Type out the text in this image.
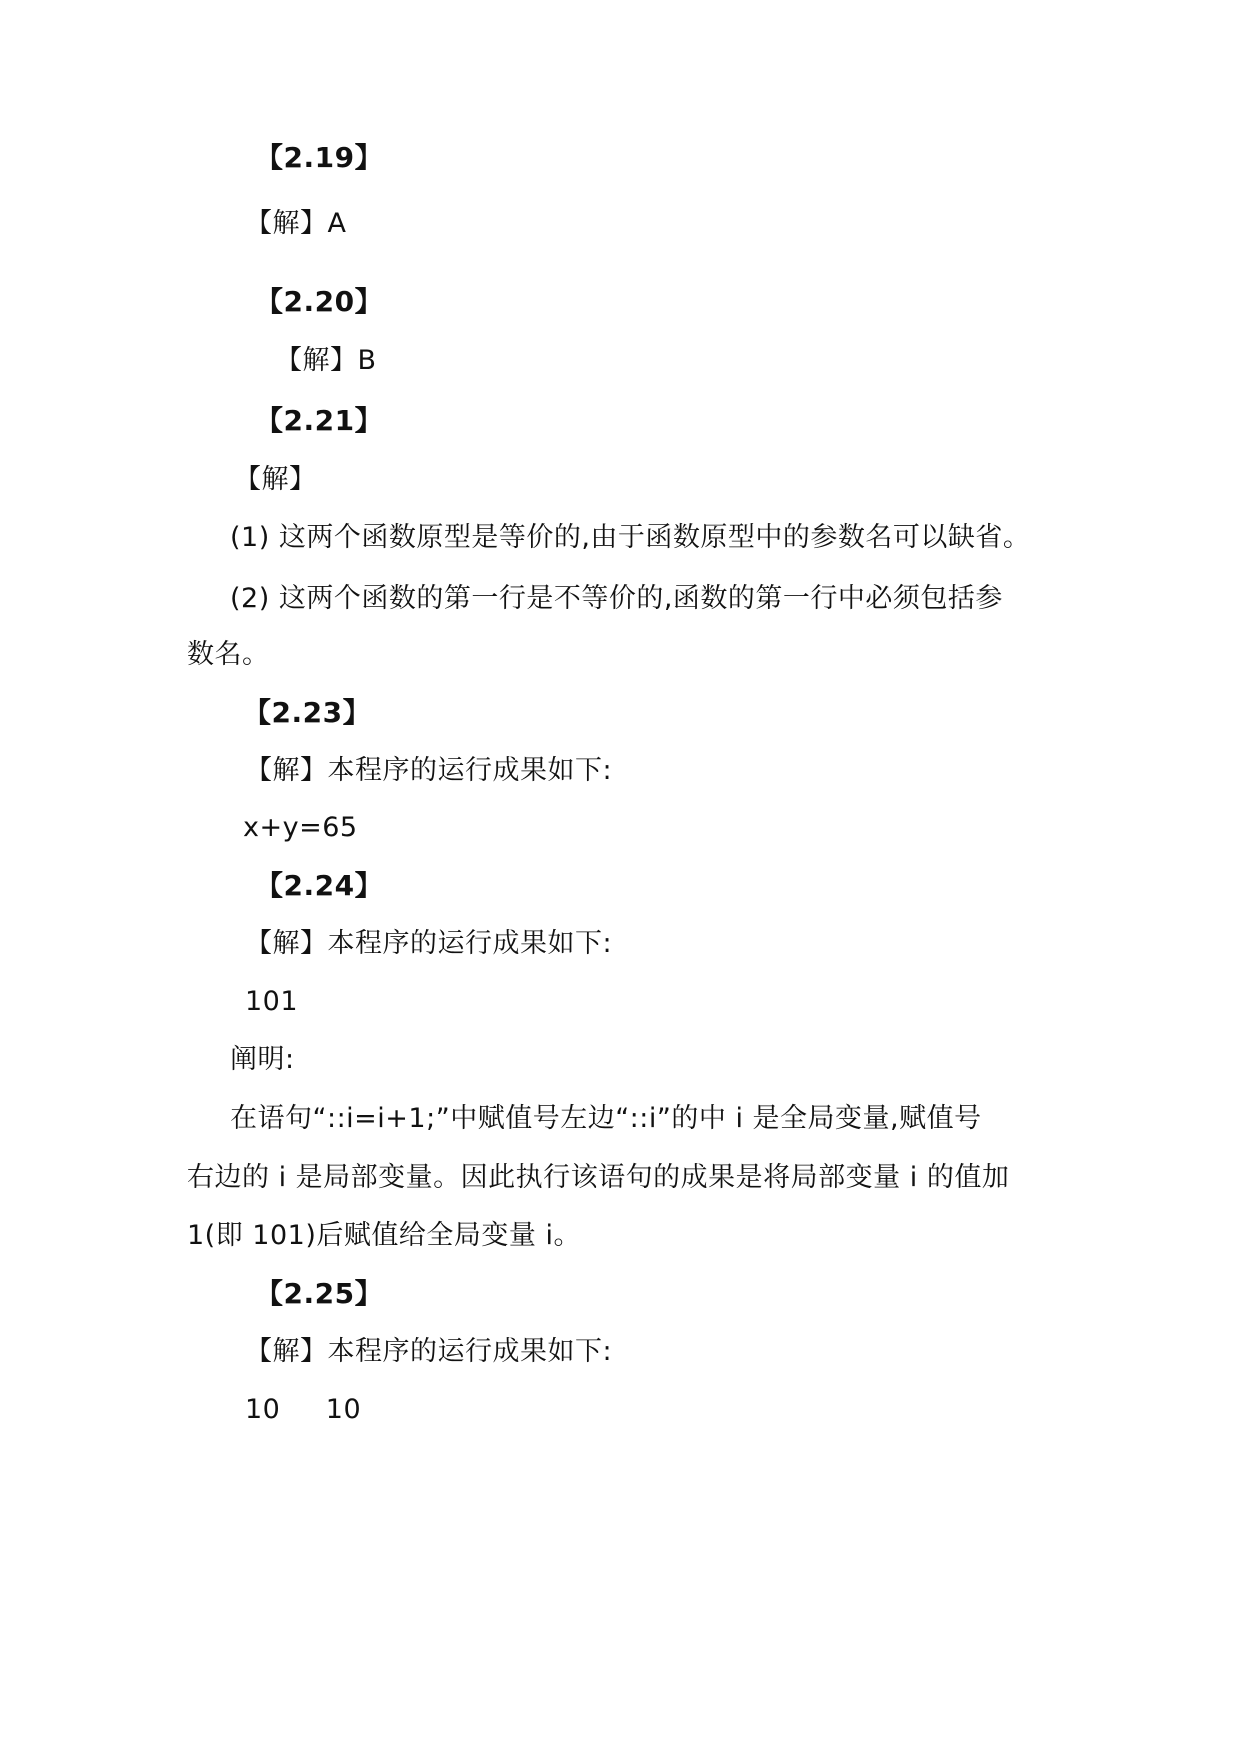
【2.19】
【解】A
【2.20】
【解】B
【2.21】
【解】
(1) 这两个函数原型是等价的,由于函数原型中的参数名可以缺省。
(2) 这两个函数的第一行是不等价的,函数的第一行中必须包括参
数名。
【2.23】
【解】本程序的运行成果如下:
x+y=65
【2.24】
【解】本程序的运行成果如下:
101
阐明:
在语句“::i=i+1;”中赋值号左边“::i”的中 i 是全局变量,赋值号
右边的 i 是局部变量。因此执行该语句的成果是将局部变量 i 的值加
1(即 101)后赋值给全局变量 i。
【2.25】
【解】本程序的运行成果如下:
10     10
